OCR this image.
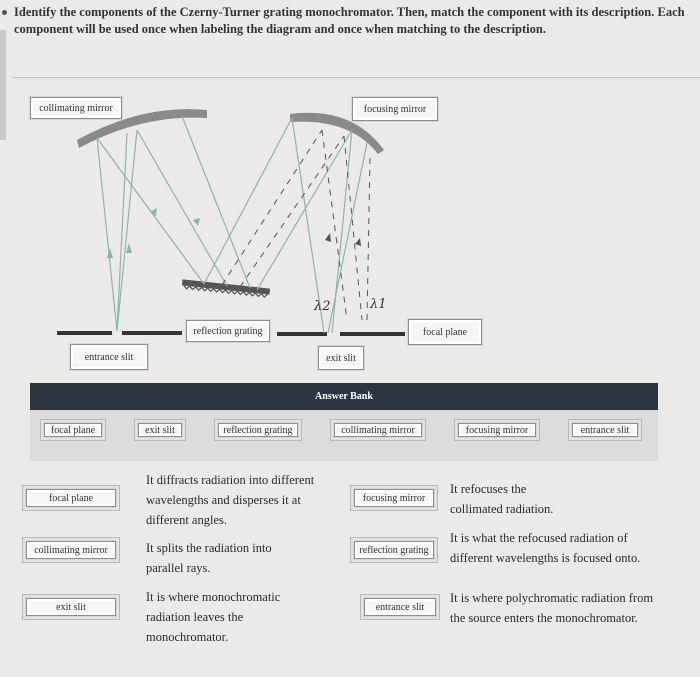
Identify the components of the Czerny-Turner grating monochromator. Then, match the component with its description. Each component will be used once when labeling the diagram and once when matching to the description.

λ2	λ1
collimating mirror	focusing mirror
reflection grating	focal plane
entrance slit	exit slit
Answer Bank
focal plane	exit slit	reflection grating	collimating mirror	focusing mirror	entrance slit
focal plane
It diffracts radiation into different wavelengths and disperses it at different angles.
collimating mirror	It splits the radiation into parallel rays.
exit slit
It is where monochromatic radiation leaves the monochromator.
focusing mirror
It refocuses the collimated radiation.
reflection grating
It is what the refocused radiation of different wavelengths is focused onto.
entrance slit
It is where polychromatic radiation from the source enters the monochromator.
